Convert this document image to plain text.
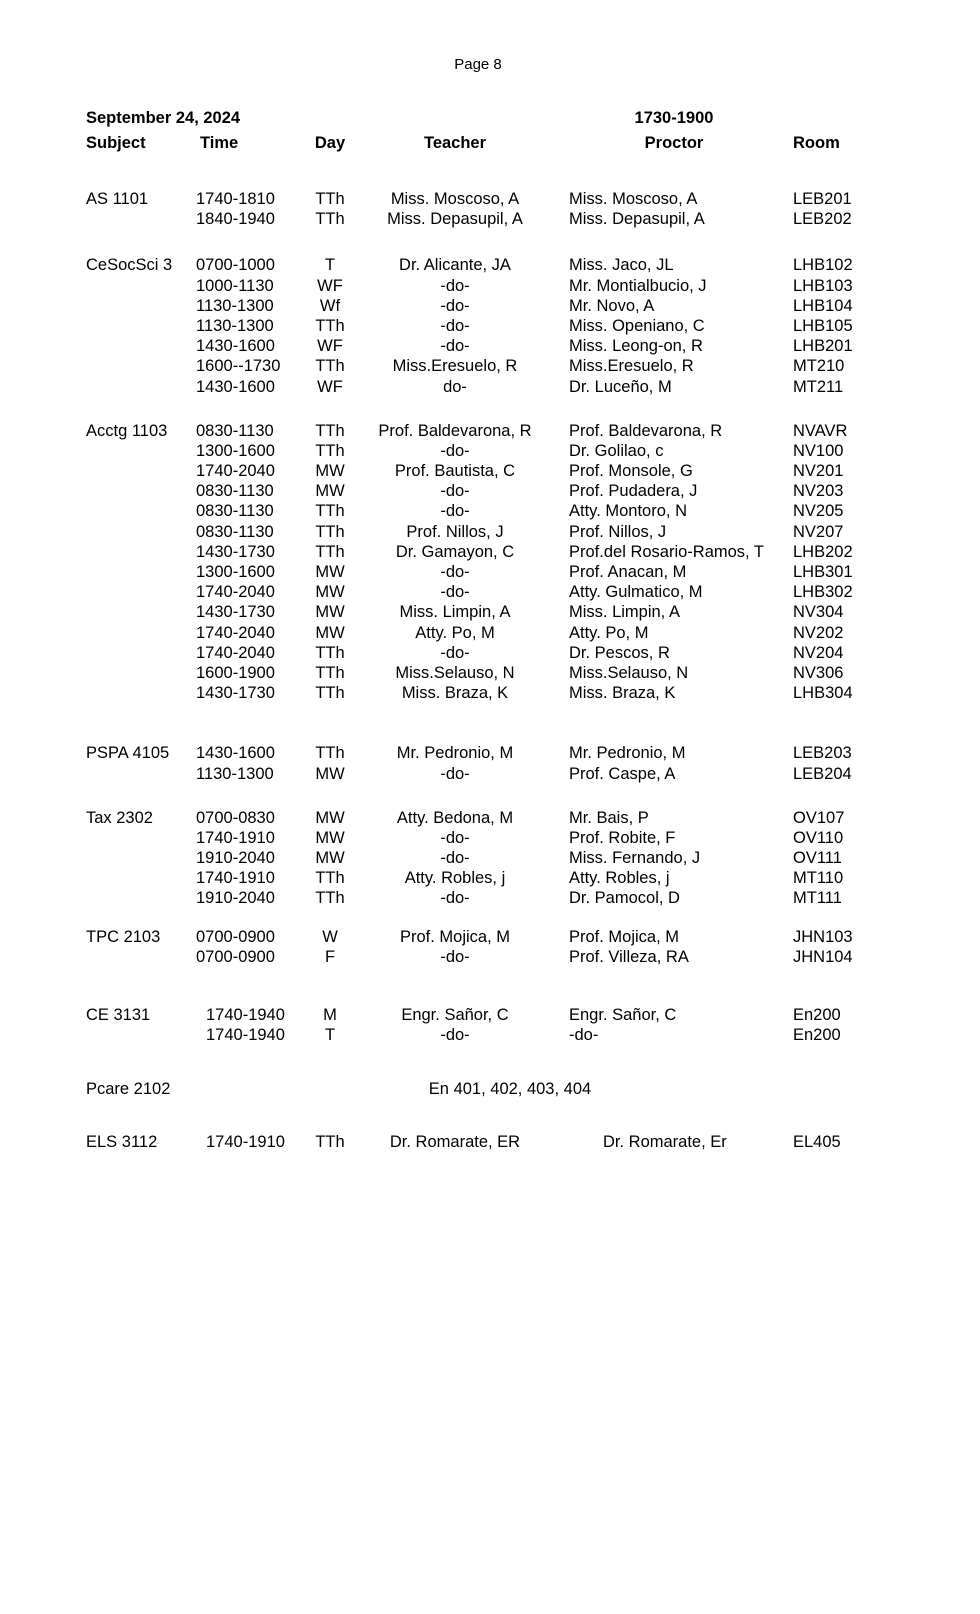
Page 8
September 24, 2024	1730-1900
Subject	Time	Day	Teacher	Proctor	Room
AS 1101	1740-1810	TTh	Miss. Moscoso, A	Miss. Moscoso, A	LEB201
1840-1940	TTh	Miss. Depasupil, A	Miss. Depasupil, A	LEB202
CeSocSci 3	0700-1000	T	Dr. Alicante, JA	Miss. Jaco, JL	LHB102
1000-1130	WF	-do-	Mr. Montialbucio, J	LHB103
1130-1300	Wf	-do-	Mr. Novo, A	LHB104
1130-1300	TTh	-do-	Miss. Openiano, C	LHB105
1430-1600	WF	-do-	Miss. Leong-on, R	LHB201
1600--1730	TTh	Miss.Eresuelo, R	Miss.Eresuelo, R	MT210
1430-1600	WF	do-	Dr. Luceño, M	MT211
Acctg 1103	0830-1130	TTh	Prof. Baldevarona, R	Prof. Baldevarona, R	NVAVR
1300-1600	TTh	-do-	Dr. Golilao, c	NV100
1740-2040	MW	Prof. Bautista, C	Prof. Monsole, G	NV201
0830-1130	MW	-do-	Prof. Pudadera, J	NV203
0830-1130	TTh	-do-	Atty. Montoro, N	NV205
0830-1130	TTh	Prof. Nillos, J	Prof. Nillos, J	NV207
1430-1730	TTh	Dr. Gamayon, C	Prof.del Rosario-Ramos, T	LHB202
1300-1600	MW	-do-	Prof. Anacan, M	LHB301
1740-2040	MW	-do-	Atty. Gulmatico, M	LHB302
1430-1730	MW	Miss. Limpin, A	Miss. Limpin, A	NV304
1740-2040	MW	Atty. Po, M	Atty. Po, M	NV202
1740-2040	TTh	-do-	Dr. Pescos, R	NV204
1600-1900	TTh	Miss.Selauso, N	Miss.Selauso, N	NV306
1430-1730	TTh	Miss. Braza, K	Miss. Braza, K	LHB304
PSPA 4105	1430-1600	TTh	Mr. Pedronio, M	Mr. Pedronio, M	LEB203
1130-1300	MW	-do-	Prof. Caspe, A	LEB204
Tax 2302	0700-0830	MW	Atty. Bedona, M	Mr. Bais, P	OV107
1740-1910	MW	-do-	Prof. Robite, F	OV110
1910-2040	MW	-do-	Miss. Fernando, J	OV111
1740-1910	TTh	Atty. Robles, j	Atty. Robles, j	MT110
1910-2040	TTh	-do-	Dr. Pamocol, D	MT111
TPC 2103	0700-0900	W	Prof. Mojica, M	Prof. Mojica, M	JHN103
0700-0900	F	-do-	Prof. Villeza, RA	JHN104
CE 3131	1740-1940	M	Engr. Sañor, C	Engr. Sañor, C	En200
1740-1940	T	-do-	-do-	En200
Pcare 2102	En 401, 402, 403, 404
ELS 3112	1740-1910	TTh	Dr. Romarate, ER	Dr. Romarate, Er	EL405
